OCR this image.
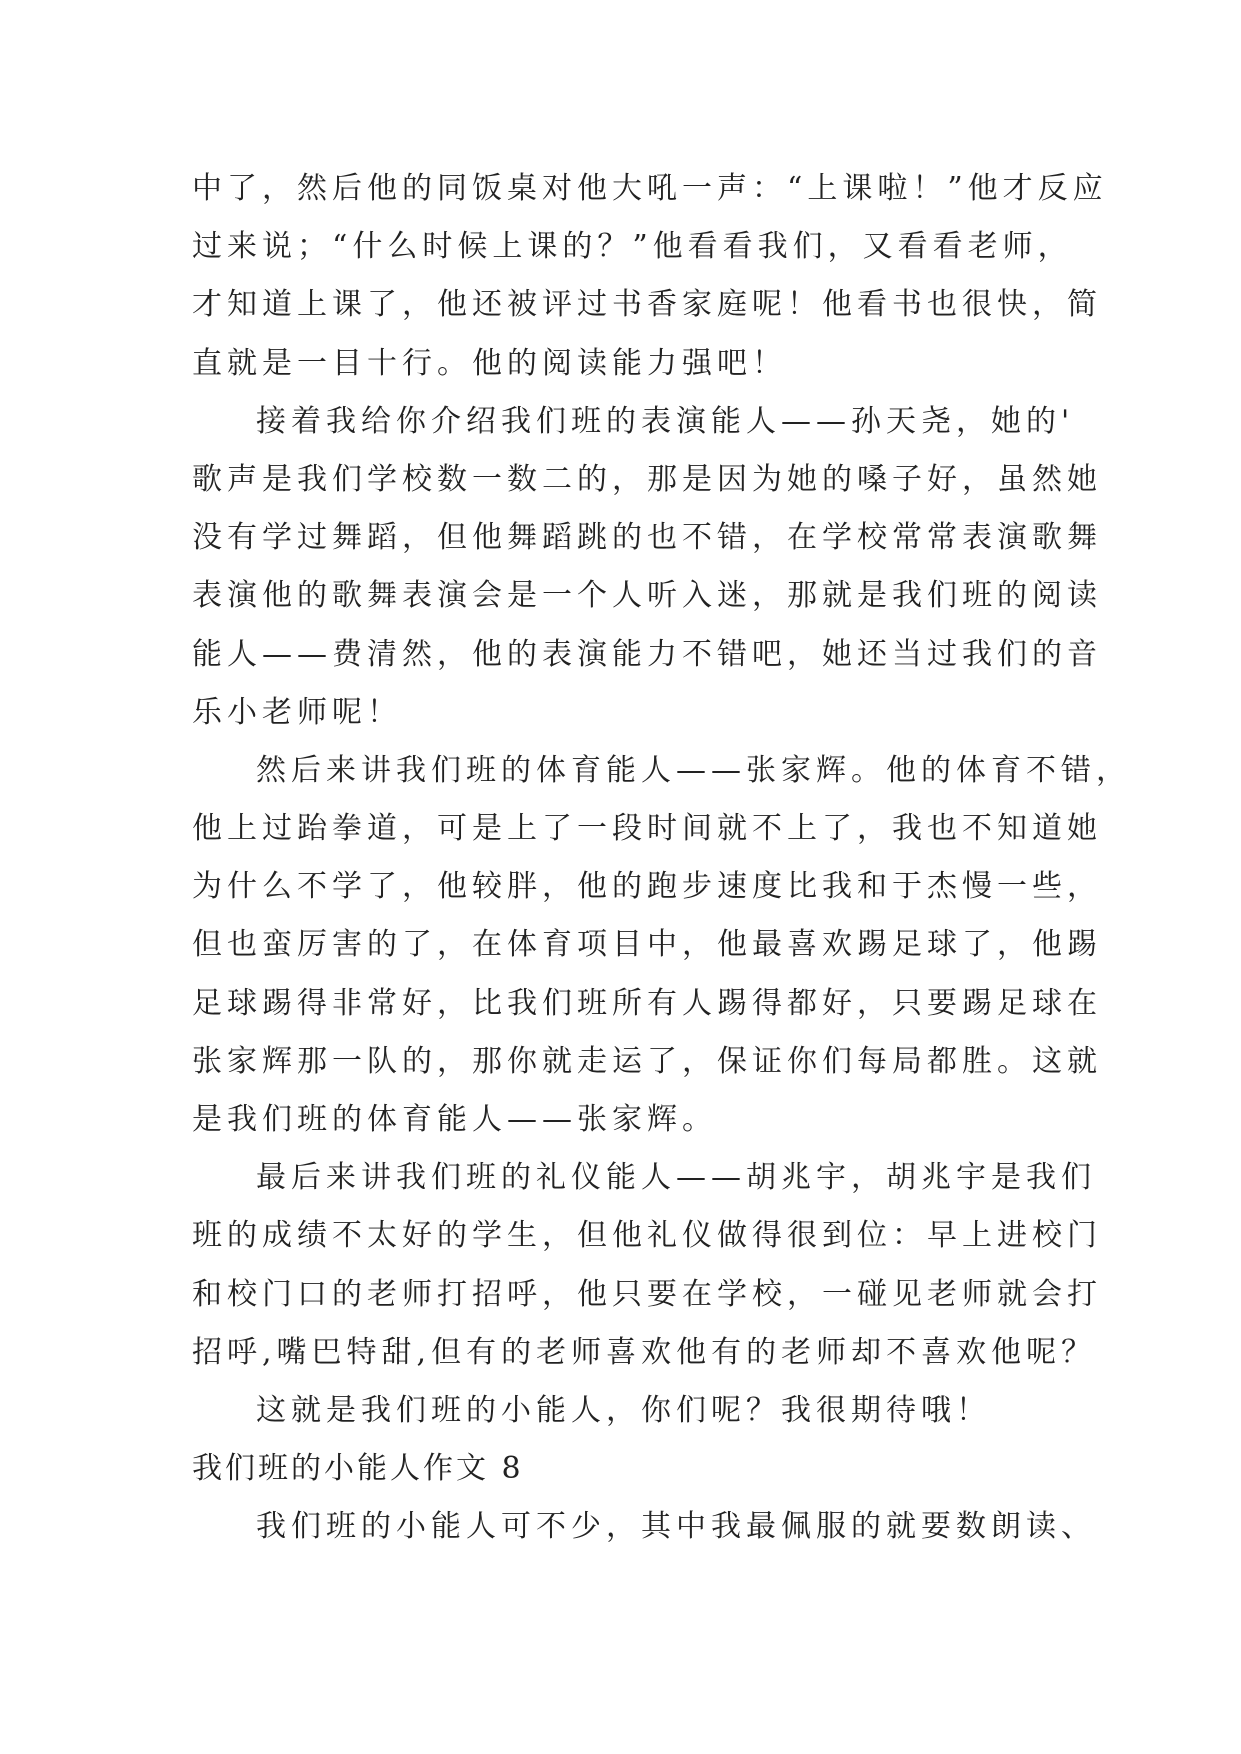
中了，然后他的同饭桌对他大吼一声：“上课啦！”他才反应
过来说；“什么时候上课的？”他看看我们，又看看老师，
才知道上课了，他还被评过书香家庭呢！他看书也很快，简
直就是一目十行。他的阅读能力强吧！
接着我给你介绍我们班的表演能人——孙天尧，她的'
歌声是我们学校数一数二的，那是因为她的嗓子好，虽然她
没有学过舞蹈，但他舞蹈跳的也不错，在学校常常表演歌舞
表演他的歌舞表演会是一个人听入迷，那就是我们班的阅读
能人——费清然，他的表演能力不错吧，她还当过我们的音
乐小老师呢！
然后来讲我们班的体育能人——张家辉。他的体育不错，
他上过跆拳道，可是上了一段时间就不上了，我也不知道她
为什么不学了，他较胖，他的跑步速度比我和于杰慢一些，
但也蛮厉害的了，在体育项目中，他最喜欢踢足球了，他踢
足球踢得非常好，比我们班所有人踢得都好，只要踢足球在
张家辉那一队的，那你就走运了，保证你们每局都胜。这就
是我们班的体育能人——张家辉。
最后来讲我们班的礼仪能人——胡兆宇，胡兆宇是我们
班的成绩不太好的学生，但他礼仪做得很到位：早上进校门
和校门口的老师打招呼，他只要在学校，一碰见老师就会打
招呼,嘴巴特甜,但有的老师喜欢他有的老师却不喜欢他呢？
这就是我们班的小能人，你们呢？我很期待哦！
我们班的小能人作文 8
我们班的小能人可不少，其中我最佩服的就要数朗读、
